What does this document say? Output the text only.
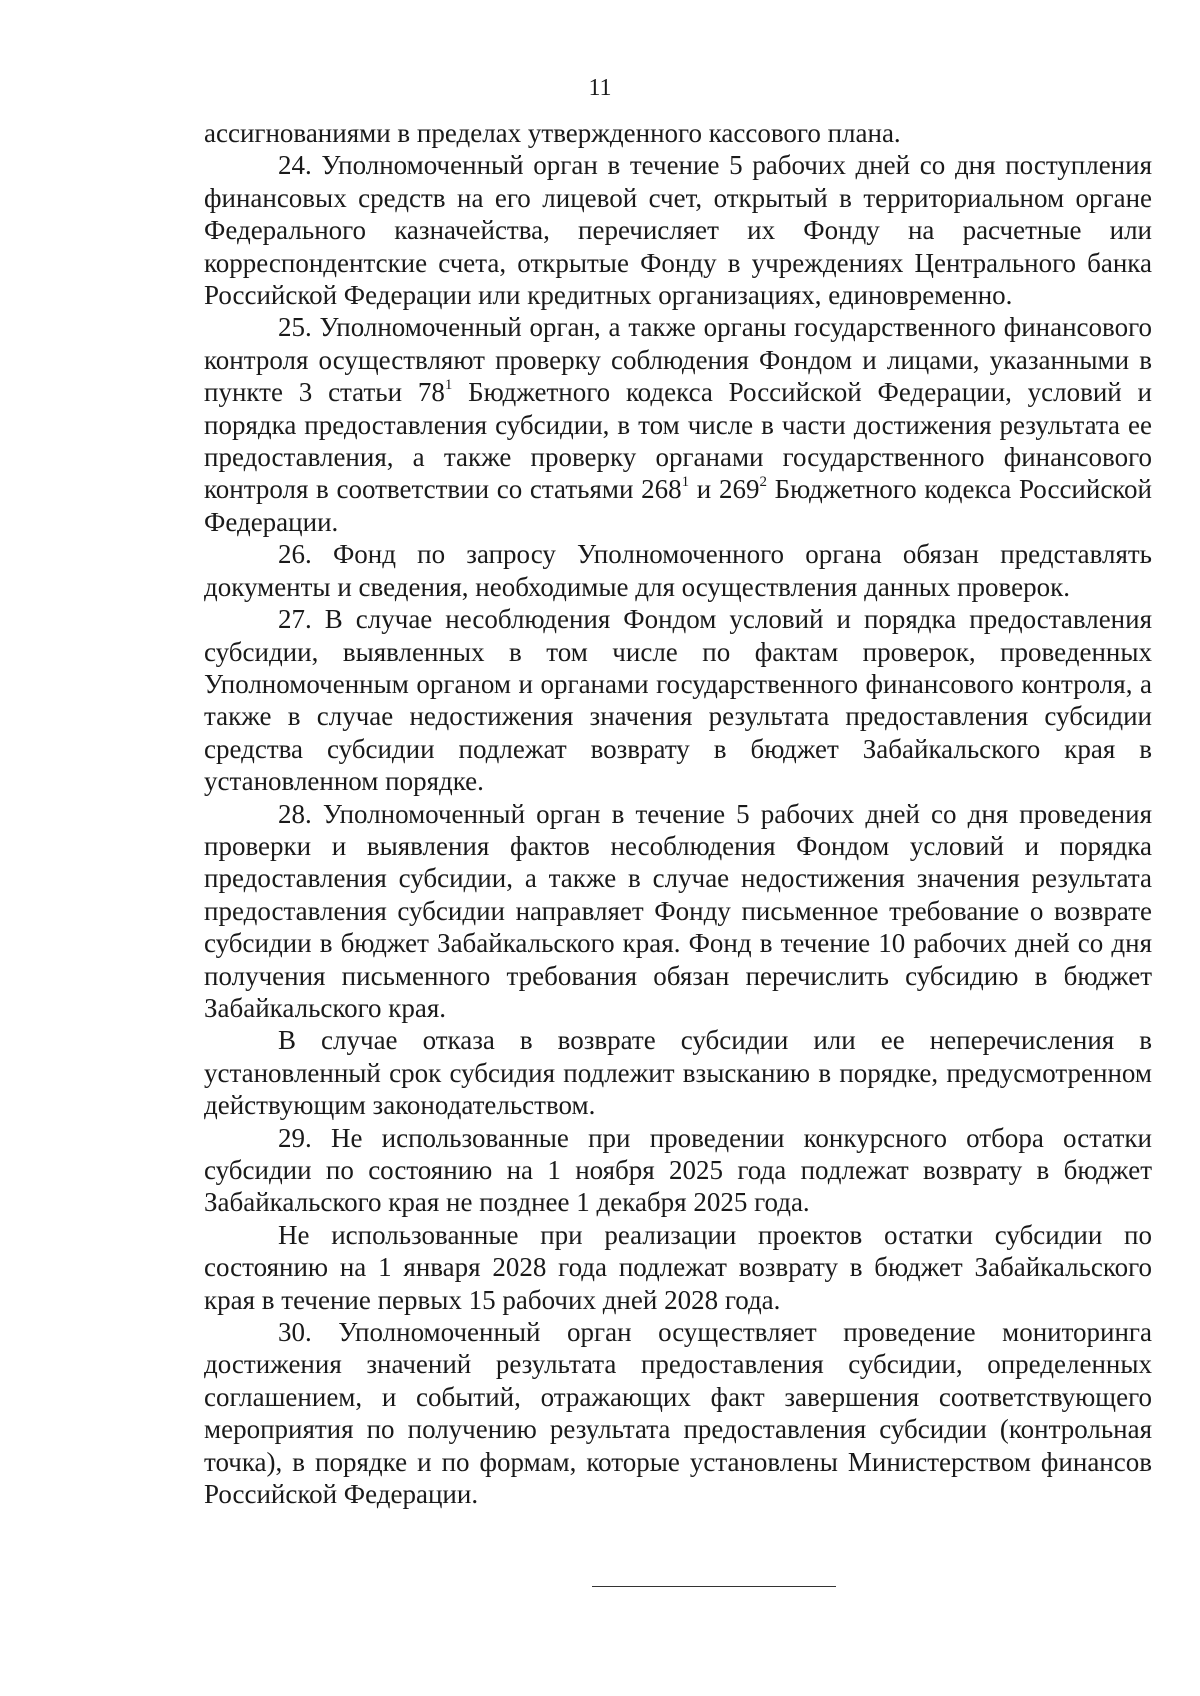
11

ассигнованиями в пределах утвержденного кассового плана.

24. Уполномоченный орган в течение 5 рабочих дней со дня поступления финансовых средств на его лицевой счет, открытый в территориальном органе Федерального казначейства, перечисляет их Фонду на расчетные или корреспондентские счета, открытые Фонду в учреждениях Центрального банка Российской Федерации или кредитных организациях, единовременно.

25. Уполномоченный орган, а также органы государственного финансового контроля осуществляют проверку соблюдения Фондом и лицами, указанными в пункте 3 статьи $78^1$ Бюджетного кодекса Российской Федерации, условий и порядка предоставления субсидии, в том числе в части достижения результата ее предоставления, а также проверку органами государственного финансового контроля в соответствии со статьями $268^1$ и $269^2$ Бюджетного кодекса Российской Федерации.

26. Фонд по запросу Уполномоченного органа обязан представлять документы и сведения, необходимые для осуществления данных проверок.

27. В случае несоблюдения Фондом условий и порядка предоставления субсидии, выявленных в том числе по фактам проверок, проведенных Уполномоченным органом и органами государственного финансового контроля, а также в случае недостижения значения результата предоставления субсидии средства субсидии подлежат возврату в бюджет Забайкальского края в установленном порядке.

28. Уполномоченный орган в течение 5 рабочих дней со дня проведения проверки и выявления фактов несоблюдения Фондом условий и порядка предоставления субсидии, а также в случае недостижения значения результата предоставления субсидии направляет Фонду письменное требование о возврате субсидии в бюджет Забайкальского края. Фонд в течение 10 рабочих дней со дня получения письменного требования обязан перечислить субсидию в бюджет Забайкальского края.

В случае отказа в возврате субсидии или ее неперечисления в установленный срок субсидия подлежит взысканию в порядке, предусмотренном действующим законодательством.

29. Не использованные при проведении конкурсного отбора остатки субсидии по состоянию на 1 ноября 2025 года подлежат возврату в бюджет Забайкальского края не позднее 1 декабря 2025 года.

Не использованные при реализации проектов остатки субсидии по состоянию на 1 января 2028 года подлежат возврату в бюджет Забайкальского края в течение первых 15 рабочих дней 2028 года.

30. Уполномоченный орган осуществляет проведение мониторинга достижения значений результата предоставления субсидии, определенных соглашением, и событий, отражающих факт завершения соответствующего мероприятия по получению результата предоставления субсидии (контрольная точка), в порядке и по формам, которые установлены Министерством финансов Российской Федерации.
